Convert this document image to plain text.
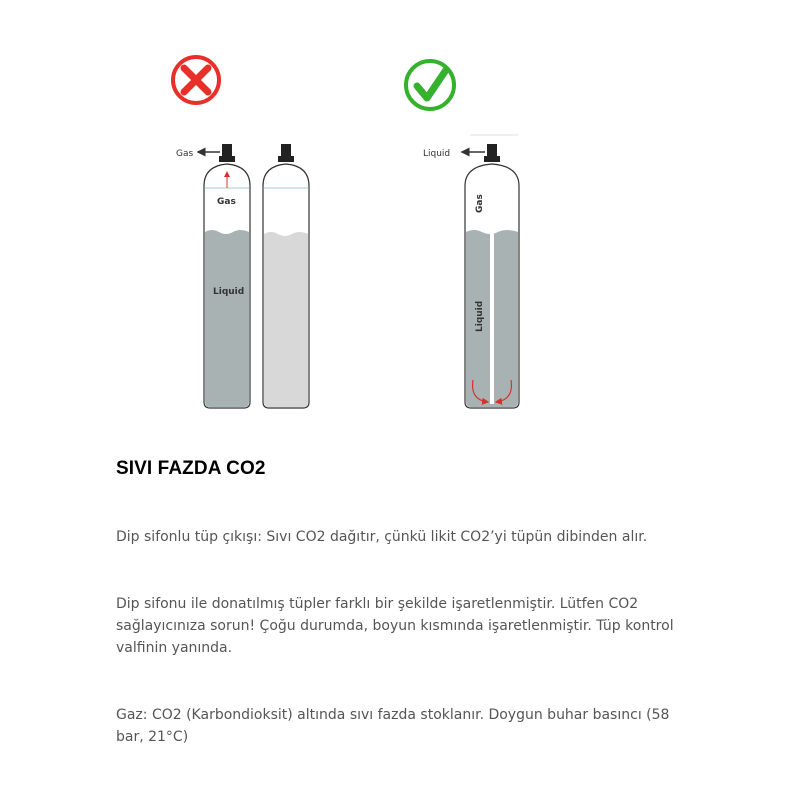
Gas
Gas
Liquid
Liquid
Gas
Liquid
SIVI FAZDA CO2

Dip sifonlu tüp çıkışı: Sıvı CO2 dağıtır, çünkü likit CO2’yi tüpün dibinden alır.

Dip sifonu ile donatılmış tüpler farklı bir şekilde işaretlenmiştir. Lütfen CO2 sağlayıcınıza sorun! Çoğu durumda, boyun kısmında işaretlenmiştir. Tüp kontrol valfinin yanında.

Gaz: CO2 (Karbondioksit) altında sıvı fazda stoklanır. Doygun buhar basıncı (58 bar, 21°C)
